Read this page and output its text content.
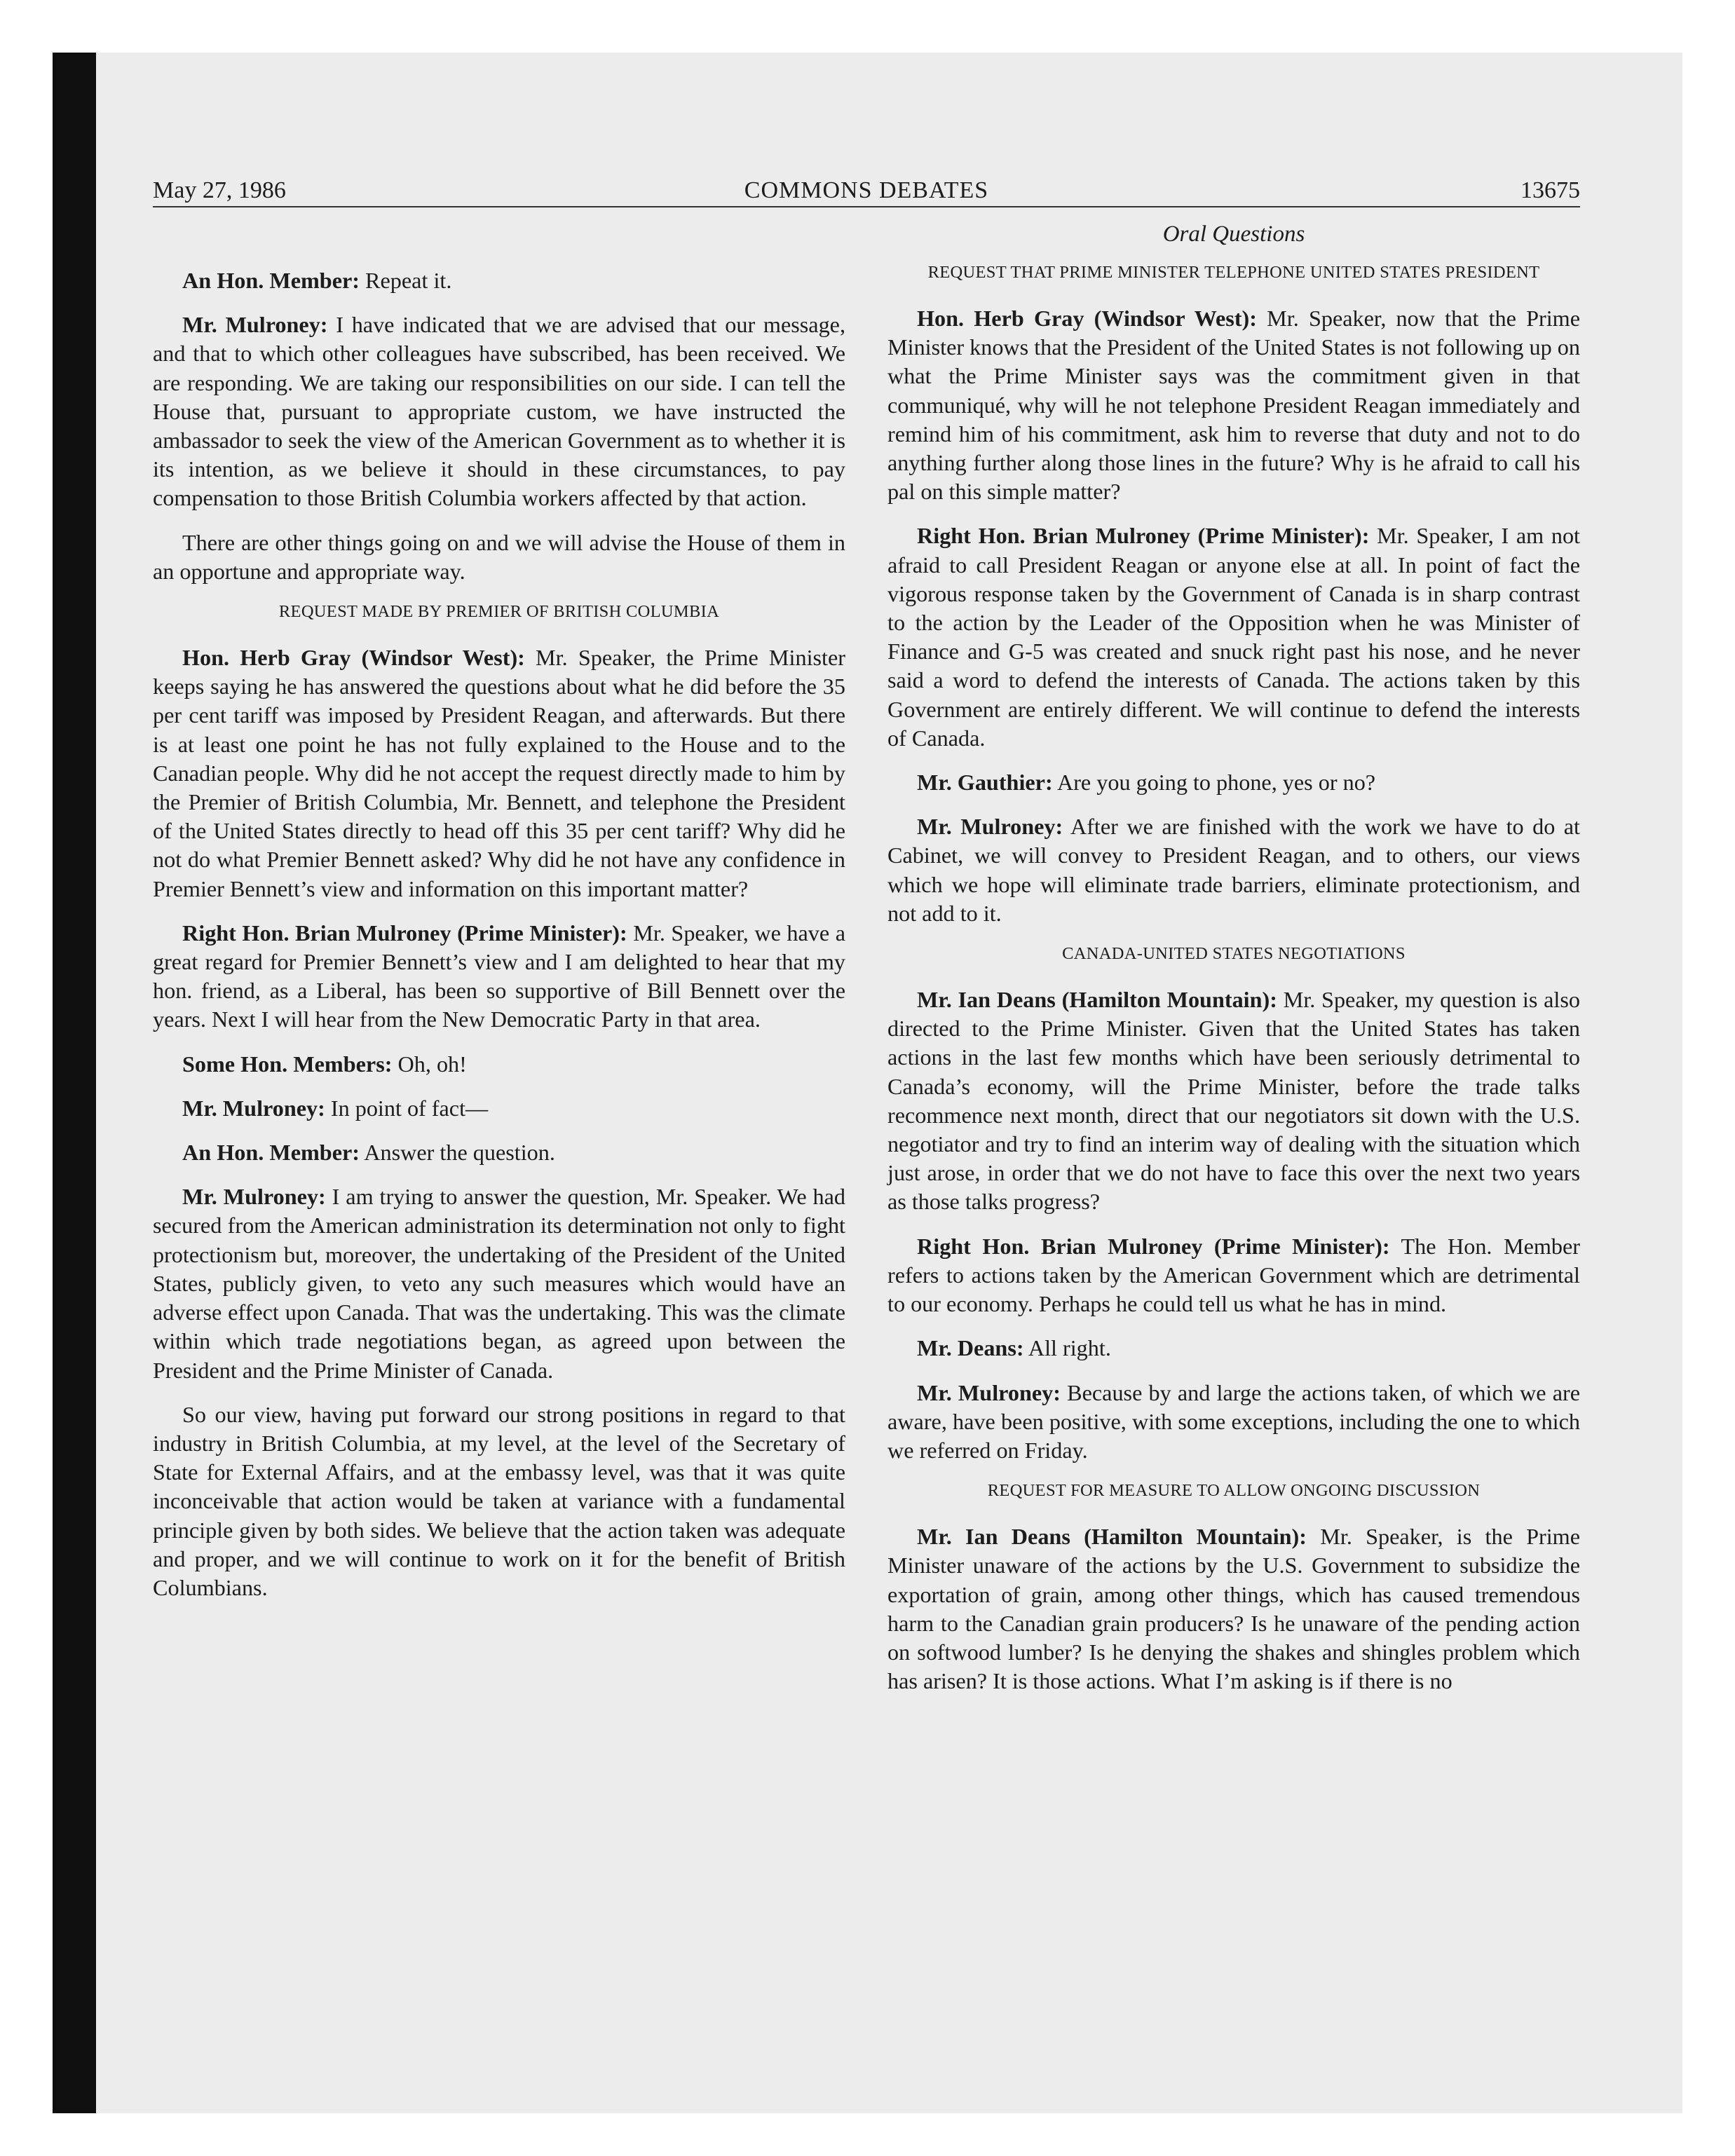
May 27, 1986	COMMONS DEBATES	13675

An Hon. Member: Repeat it.

Mr. Mulroney: I have indicated that we are advised that our message, and that to which other colleagues have subscribed, has been received. We are responding. We are taking our responsibilities on our side. I can tell the House that, pursuant to appropriate custom, we have instructed the ambassador to seek the view of the American Government as to whether it is its intention, as we believe it should in these circumstances, to pay compensation to those British Columbia workers affected by that action.

There are other things going on and we will advise the House of them in an opportune and appropriate way.

REQUEST MADE BY PREMIER OF BRITISH COLUMBIA

Hon. Herb Gray (Windsor West): Mr. Speaker, the Prime Minister keeps saying he has answered the questions about what he did before the 35 per cent tariff was imposed by President Reagan, and afterwards. But there is at least one point he has not fully explained to the House and to the Canadian people. Why did he not accept the request directly made to him by the Premier of British Columbia, Mr. Bennett, and telephone the President of the United States directly to head off this 35 per cent tariff? Why did he not do what Premier Bennett asked? Why did he not have any confidence in Premier Bennett’s view and information on this important matter?

Right Hon. Brian Mulroney (Prime Minister): Mr. Speaker, we have a great regard for Premier Bennett’s view and I am delighted to hear that my hon. friend, as a Liberal, has been so supportive of Bill Bennett over the years. Next I will hear from the New Democratic Party in that area.

Some Hon. Members: Oh, oh!

Mr. Mulroney: In point of fact—

An Hon. Member: Answer the question.

Mr. Mulroney: I am trying to answer the question, Mr. Speaker. We had secured from the American administration its determination not only to fight protectionism but, moreover, the undertaking of the President of the United States, publicly given, to veto any such measures which would have an adverse effect upon Canada. That was the undertaking. This was the climate within which trade negotiations began, as agreed upon between the President and the Prime Minister of Canada.

So our view, having put forward our strong positions in regard to that industry in British Columbia, at my level, at the level of the Secretary of State for External Affairs, and at the embassy level, was that it was quite inconceivable that action would be taken at variance with a fundamental principle given by both sides. We believe that the action taken was adequate and proper, and we will continue to work on it for the benefit of British Columbians.

Oral Questions
REQUEST THAT PRIME MINISTER TELEPHONE UNITED STATES PRESIDENT

Hon. Herb Gray (Windsor West): Mr. Speaker, now that the Prime Minister knows that the President of the United States is not following up on what the Prime Minister says was the commitment given in that communiqué, why will he not telephone President Reagan immediately and remind him of his commitment, ask him to reverse that duty and not to do anything further along those lines in the future? Why is he afraid to call his pal on this simple matter?

Right Hon. Brian Mulroney (Prime Minister): Mr. Speaker, I am not afraid to call President Reagan or anyone else at all. In point of fact the vigorous response taken by the Government of Canada is in sharp contrast to the action by the Leader of the Opposition when he was Minister of Finance and G-5 was created and snuck right past his nose, and he never said a word to defend the interests of Canada. The actions taken by this Government are entirely different. We will continue to defend the interests of Canada.

Mr. Gauthier: Are you going to phone, yes or no?

Mr. Mulroney: After we are finished with the work we have to do at Cabinet, we will convey to President Reagan, and to others, our views which we hope will eliminate trade barriers, eliminate protectionism, and not add to it.

CANADA-UNITED STATES NEGOTIATIONS

Mr. Ian Deans (Hamilton Mountain): Mr. Speaker, my question is also directed to the Prime Minister. Given that the United States has taken actions in the last few months which have been seriously detrimental to Canada’s economy, will the Prime Minister, before the trade talks recommence next month, direct that our negotiators sit down with the U.S. negotiator and try to find an interim way of dealing with the situation which just arose, in order that we do not have to face this over the next two years as those talks progress?

Right Hon. Brian Mulroney (Prime Minister): The Hon. Member refers to actions taken by the American Government which are detrimental to our economy. Perhaps he could tell us what he has in mind.

Mr. Deans: All right.

Mr. Mulroney: Because by and large the actions taken, of which we are aware, have been positive, with some exceptions, including the one to which we referred on Friday.

REQUEST FOR MEASURE TO ALLOW ONGOING DISCUSSION

Mr. Ian Deans (Hamilton Mountain): Mr. Speaker, is the Prime Minister unaware of the actions by the U.S. Government to subsidize the exportation of grain, among other things, which has caused tremendous harm to the Canadian grain producers? Is he unaware of the pending action on softwood lumber? Is he denying the shakes and shingles problem which has arisen? It is those actions. What I’m asking is if there is no
